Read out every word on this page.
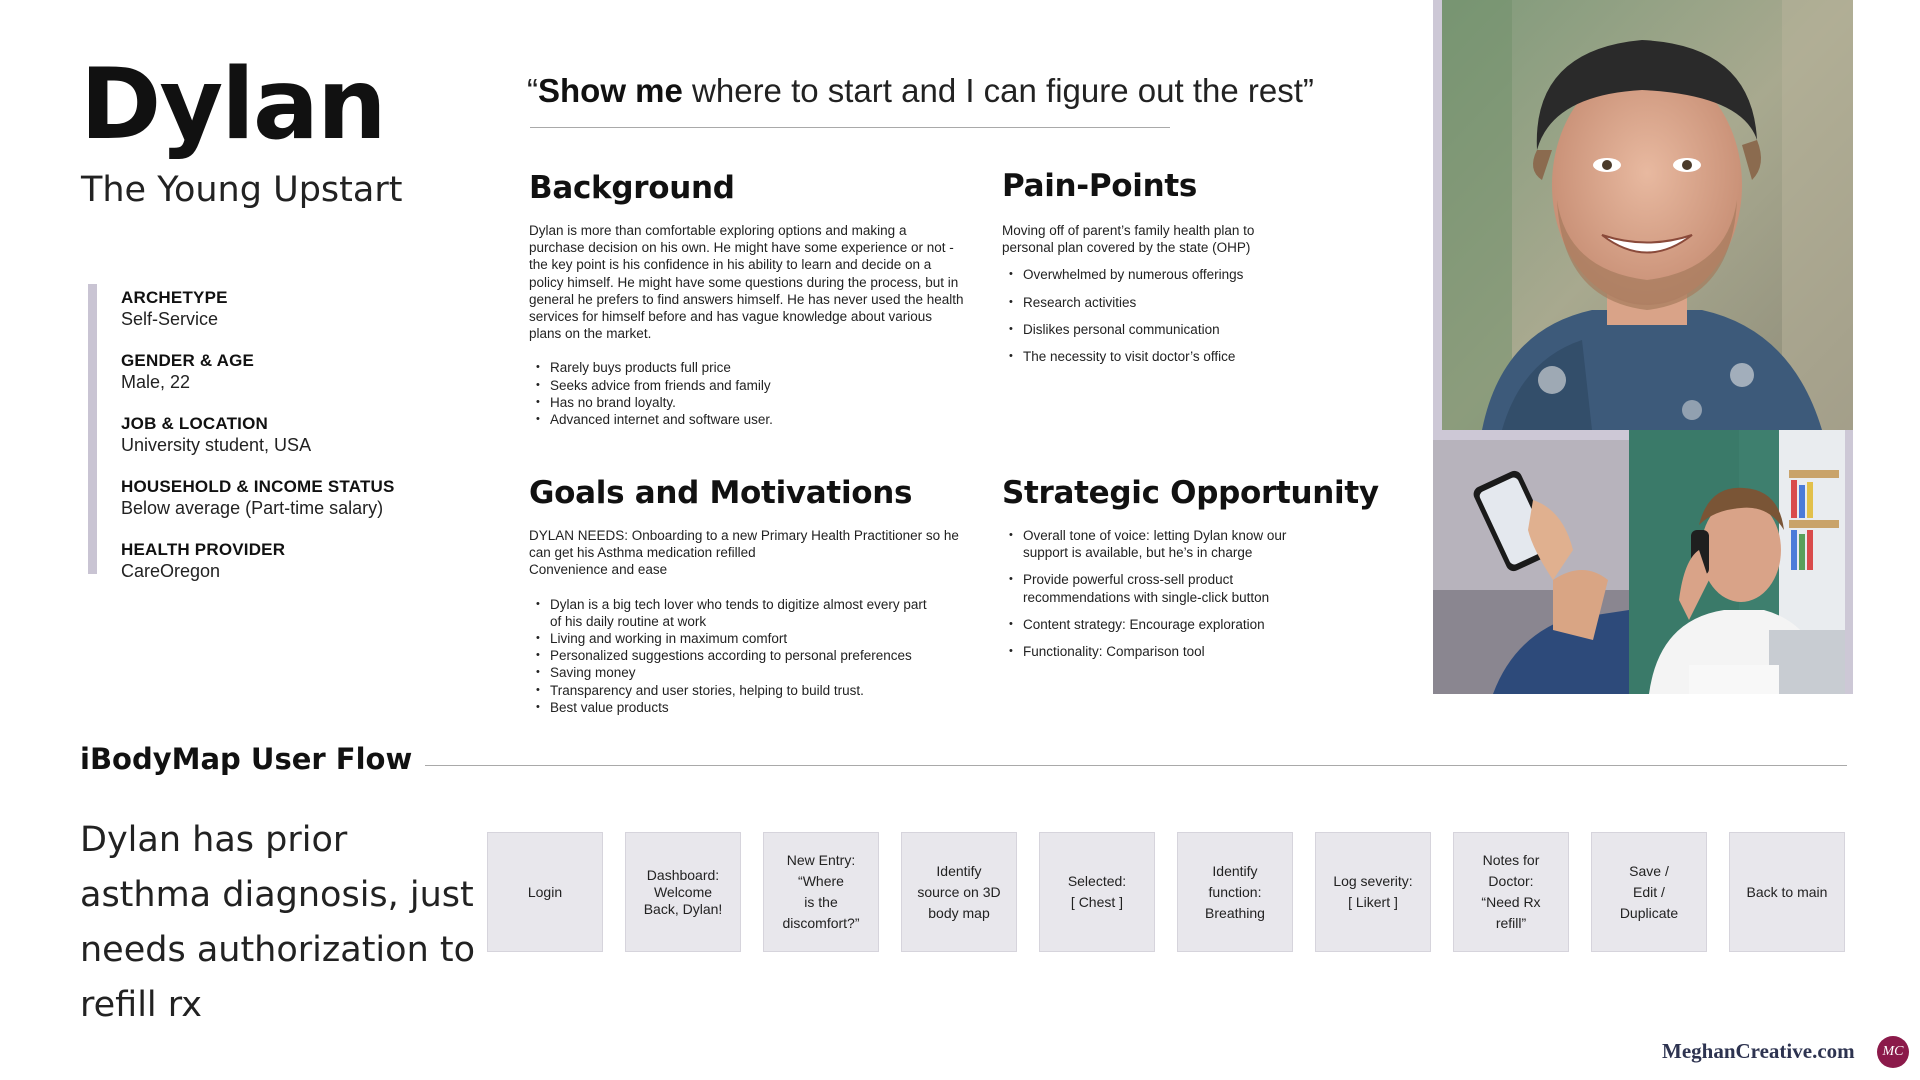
Dylan
The Young Upstart
ARCHETYPE
Self-Service
GENDER & AGE
Male, 22
JOB & LOCATION
University student, USA
HOUSEHOLD & INCOME STATUS
Below average (Part-time salary)
HEALTH PROVIDER
CareOregon
“Show me where to start and I can figure out the rest”
Background

Dylan is more than comfortable exploring options and making a purchase decision on his own. He might have some experience or not - the key point is his confidence in his ability to learn and decide on a policy himself. He might have some questions during the process, but in general he prefers to find answers himself. He has never used the health services for himself before and has vague knowledge about various plans on the market.

• Rarely buys products full price
• Seeks advice from friends and family
• Has no brand loyalty.
• Advanced internet and software user.
Pain-Points

Moving off of parent’s family health plan to personal plan covered by the state (OHP)

• Overwhelmed by numerous offerings
• Research activities
• Dislikes personal communication
• The necessity to visit doctor’s office
Goals and Motivations

DYLAN NEEDS: Onboarding to a new Primary Health Practitioner so he can get his Asthma medication refilled

Convenience and ease

• Dylan is a big tech lover who tends to digitize almost every part of his daily routine at work
• Living and working in maximum comfort
• Personalized suggestions according to personal preferences
• Saving money
• Transparency and user stories, helping to build trust.
• Best value products
Strategic Opportunity
• Overall tone of voice: letting Dylan know our support is available, but he’s in charge
• Provide powerful cross-sell product recommendations with single-click button
• Content strategy: Encourage exploration
• Functionality: Comparison tool
iBodyMap User Flow
Dylan has prior asthma diagnosis, just needs authorization to refill rx
Login
Dashboard:
Welcome
Back, Dylan!
New Entry:
“Where
is the
discomfort?”
Identify
source on 3D
body map
Selected:
[ Chest ]
Identify
function:
Breathing
Log severity:
[ Likert ]
Notes for
Doctor:
“Need Rx
refill”
Save /
Edit /
Duplicate
Back to main
MeghanCreative.com	MC
